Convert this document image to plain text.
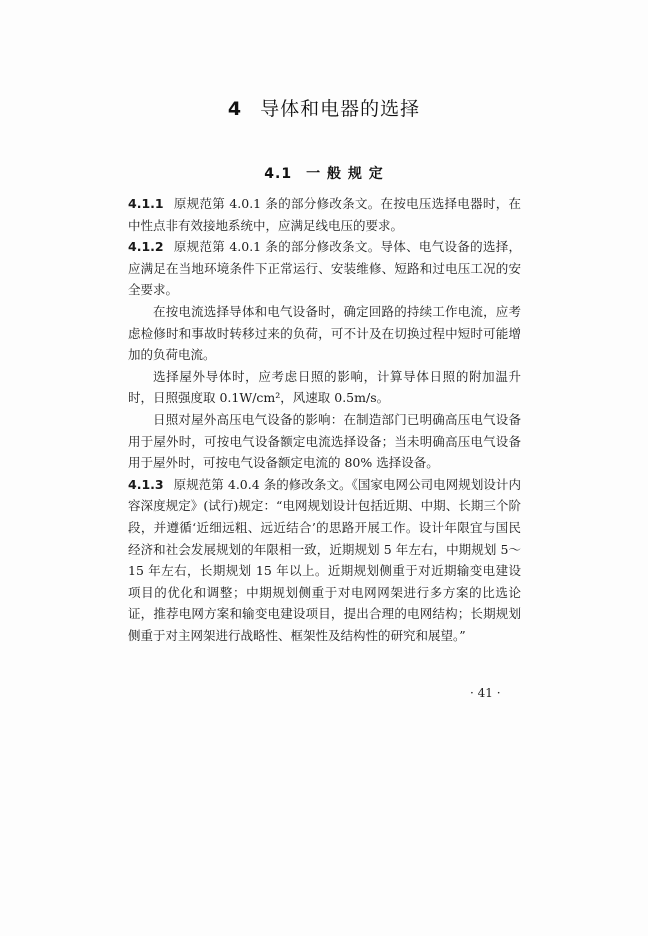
4 导体和电器的选择
4.1 一 般 规 定

4.1.1 原规范第 4.0.1 条的部分修改条文。在按电压选择电器时，在中性点非有效接地系统中，应满足线电压的要求。

4.1.2 原规范第 4.0.1 条的部分修改条文。导体、电气设备的选择，应满足在当地环境条件下正常运行、安装维修、短路和过电压工况的安全要求。

在按电流选择导体和电气设备时，确定回路的持续工作电流，应考虑检修时和事故时转移过来的负荷，可不计及在切换过程中短时可能增加的负荷电流。

选择屋外导体时，应考虑日照的影响，计算导体日照的附加温升时，日照强度取 0.1W/cm²，风速取 0.5m/s。

日照对屋外高压电气设备的影响：在制造部门已明确高压电气设备用于屋外时，可按电气设备额定电流选择设备；当未明确高压电气设备用于屋外时，可按电气设备额定电流的 80% 选择设备。

4.1.3 原规范第 4.0.4 条的修改条文。《国家电网公司电网规划设计内容深度规定》(试行)规定：“电网规划设计包括近期、中期、长期三个阶段，并遵循‘近细远粗、远近结合’的思路开展工作。设计年限宜与国民经济和社会发展规划的年限相一致，近期规划 5 年左右，中期规划 5～15 年左右，长期规划 15 年以上。近期规划侧重于对近期输变电建设项目的优化和调整；中期规划侧重于对电网网架进行多方案的比选论证，推荐电网方案和输变电建设项目，提出合理的电网结构；长期规划侧重于对主网架进行战略性、框架性及结构性的研究和展望。”

· 41 ·
